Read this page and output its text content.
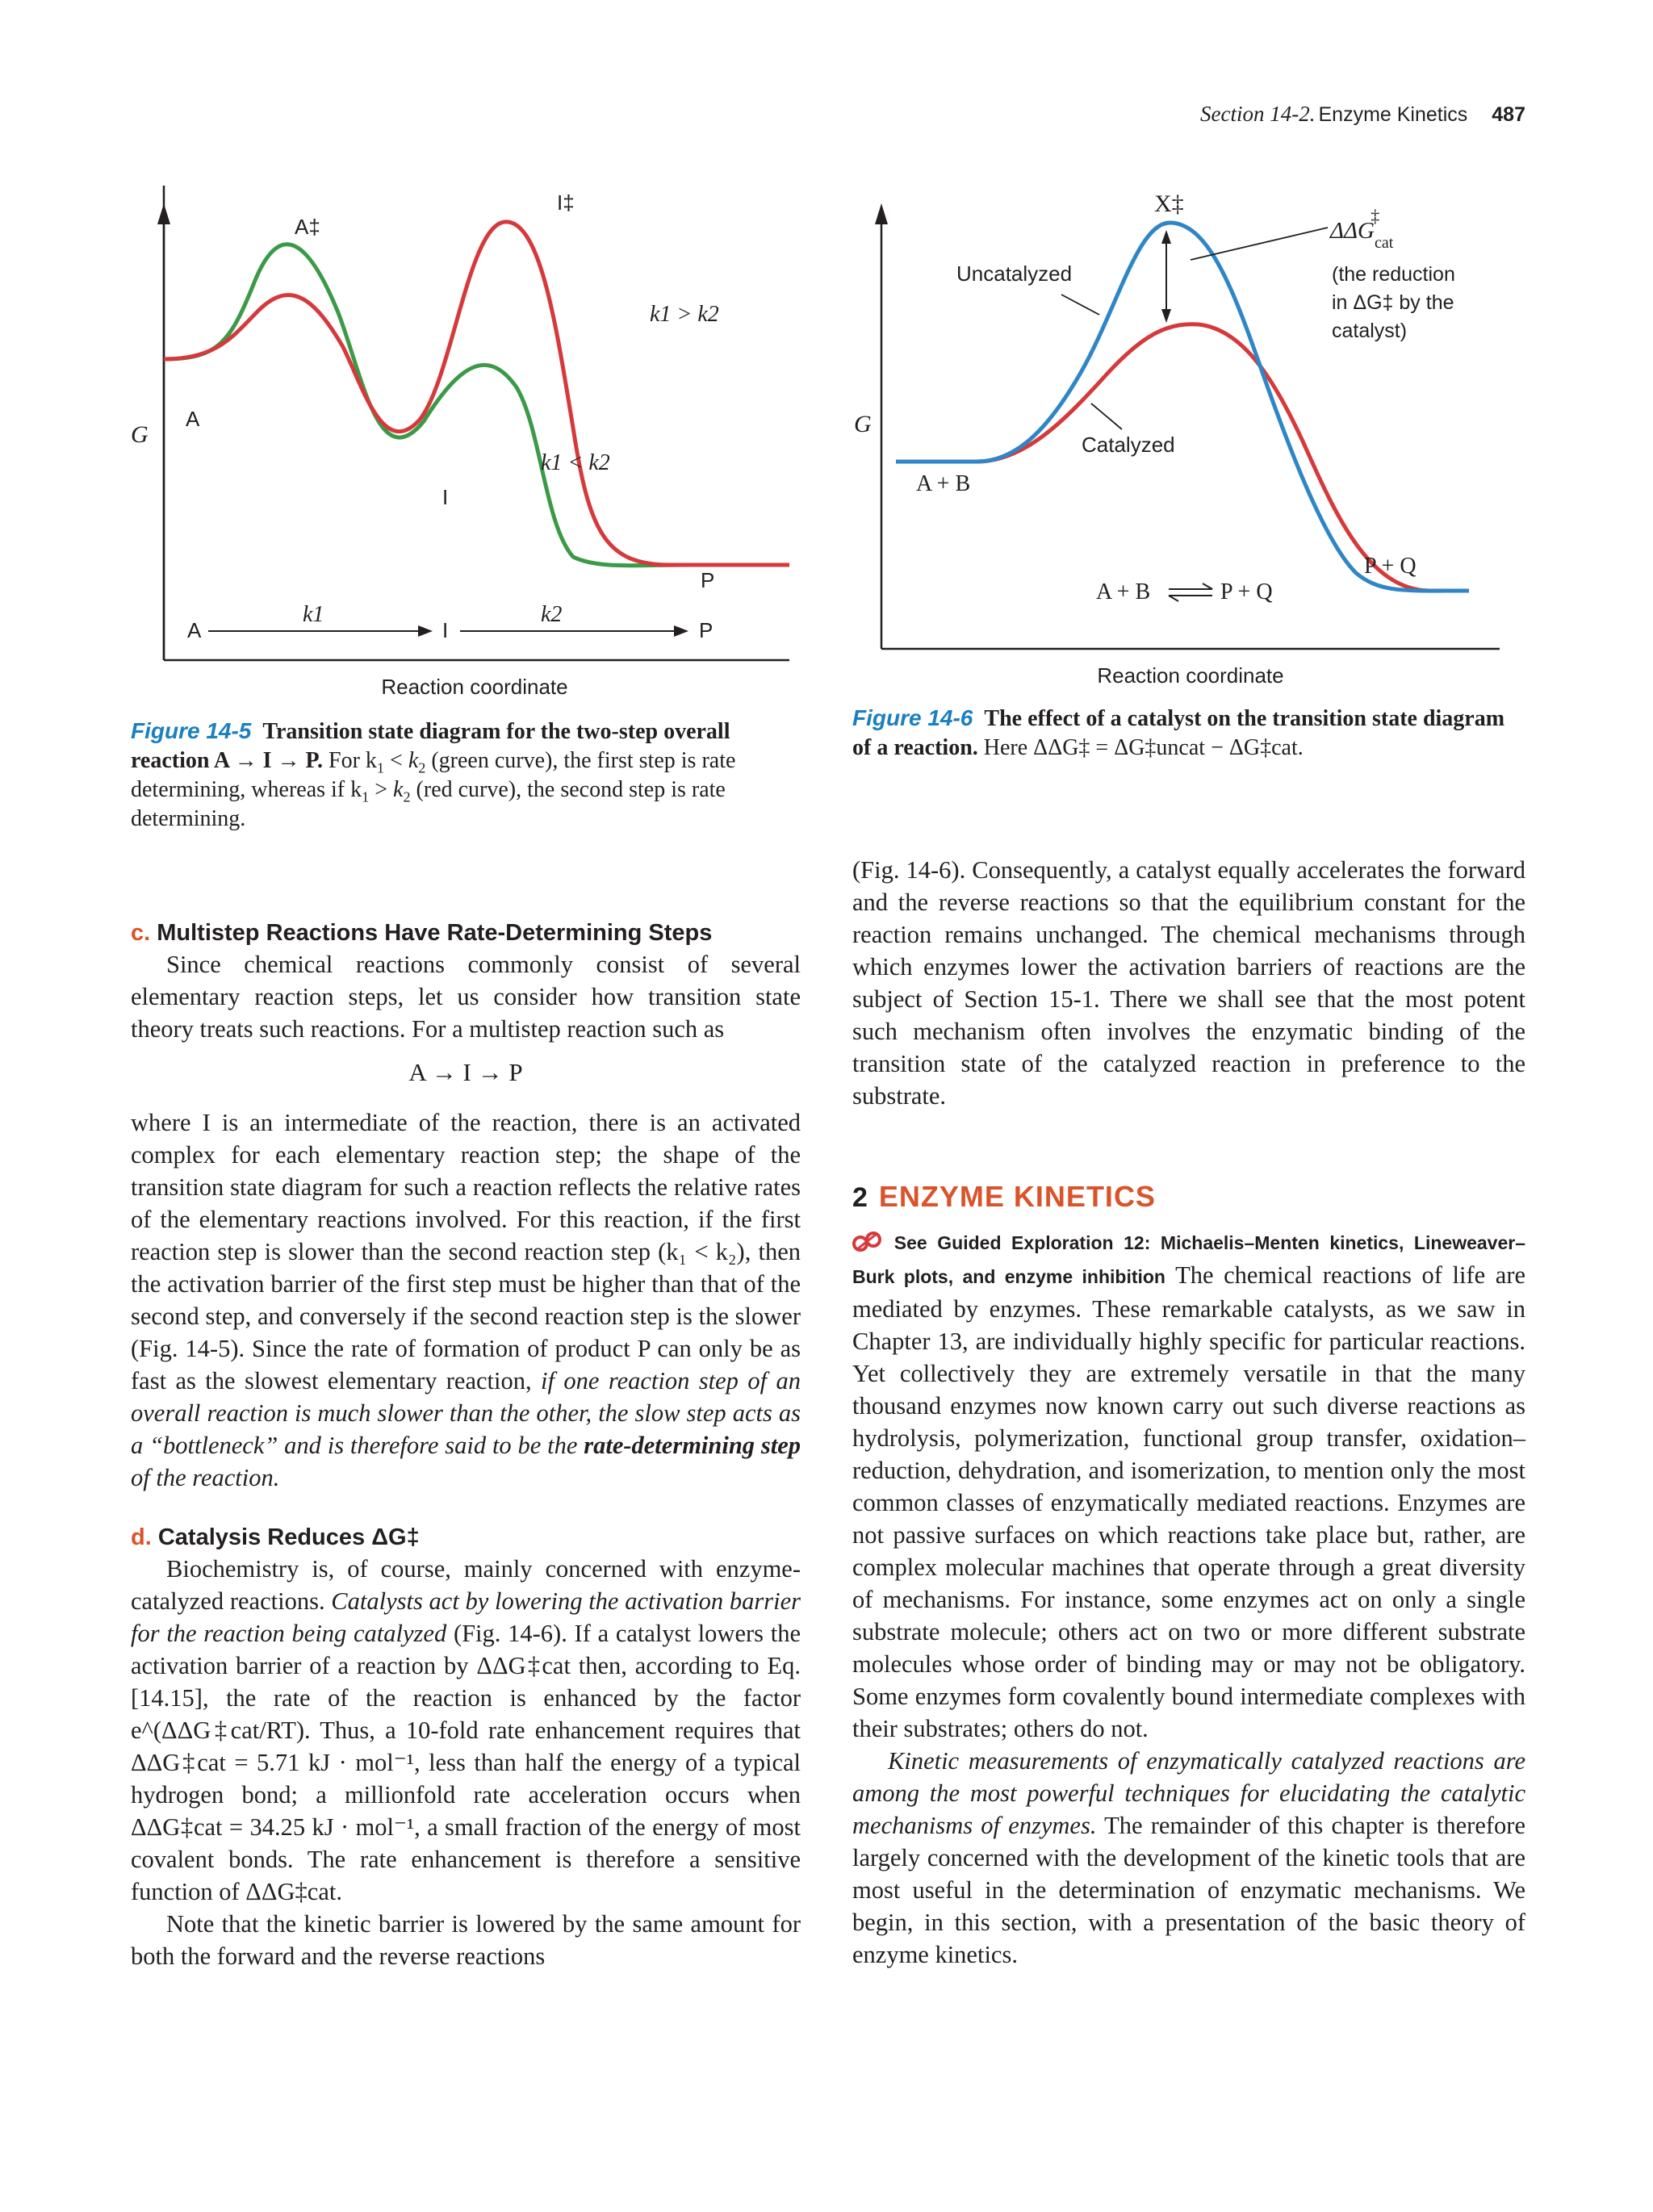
Section 14-2. Enzyme Kinetics 487
G
A‡
I‡
A
I
P
k1 > k2
k1 < k2
A
k1
I
k2
P
Reaction coordinate
G
X‡
Uncatalyzed
Catalyzed
$\Delta\Delta G_{cat}\ddagger$
(the reduction
in ΔG‡ by the
catalyst)
A + B
P + Q
A + B	P + Q
Reaction coordinate
Figure 14-5 Transition state diagram for the two-step overall reaction A → I → P. For $k_1 < k_2$ (green curve), the first step is rate determining, whereas if $k_1 > k_2$ (red curve), the second step is rate determining.
Figure 14-6 The effect of a catalyst on the transition state diagram of a reaction. Here ΔΔG‡ = ΔG‡uncat − ΔG‡cat.
c. Multistep Reactions Have Rate-Determining Steps

Since chemical reactions commonly consist of several elementary reaction steps, let us consider how transition state theory treats such reactions. For a multistep reaction such as

A → I → P

where I is an intermediate of the reaction, there is an activated complex for each elementary reaction step; the shape of the transition state diagram for such a reaction reflects the relative rates of the elementary reactions involved. For this reaction, if the first reaction step is slower than the second reaction step (k₁ < k₂), then the activation barrier of the first step must be higher than that of the second step, and conversely if the second reaction step is the slower (Fig. 14-5). Since the rate of formation of product P can only be as fast as the slowest elementary reaction, if one reaction step of an overall reaction is much slower than the other, the slow step acts as a “bottleneck” and is therefore said to be the rate-determining step of the reaction.

d. Catalysis Reduces ΔG‡

Biochemistry is, of course, mainly concerned with enzyme-catalyzed reactions. Catalysts act by lowering the activation barrier for the reaction being catalyzed (Fig. 14-6). If a catalyst lowers the activation barrier of a reaction by ΔΔG‡cat then, according to Eq. [14.15], the rate of the reaction is enhanced by the factor e^(ΔΔG‡cat/RT). Thus, a 10-fold rate enhancement requires that ΔΔG‡cat = 5.71 kJ · mol⁻¹, less than half the energy of a typical hydrogen bond; a millionfold rate acceleration occurs when ΔΔG‡cat = 34.25 kJ · mol⁻¹, a small fraction of the energy of most covalent bonds. The rate enhancement is therefore a sensitive function of ΔΔG‡cat.

Note that the kinetic barrier is lowered by the same amount for both the forward and the reverse reactions

(Fig. 14-6). Consequently, a catalyst equally accelerates the forward and the reverse reactions so that the equilibrium constant for the reaction remains unchanged. The chemical mechanisms through which enzymes lower the activation barriers of reactions are the subject of Section 15-1. There we shall see that the most potent such mechanism often involves the enzymatic binding of the transition state of the catalyzed reaction in preference to the substrate.

2 ENZYME KINETICS

See Guided Exploration 12: Michaelis–Menten kinetics, Lineweaver–Burk plots, and enzyme inhibition The chemical reactions of life are mediated by enzymes. These remarkable catalysts, as we saw in Chapter 13, are individually highly specific for particular reactions. Yet collectively they are extremely versatile in that the many thousand enzymes now known carry out such diverse reactions as hydrolysis, polymerization, functional group transfer, oxidation–reduction, dehydration, and isomerization, to mention only the most common classes of enzymatically mediated reactions. Enzymes are not passive surfaces on which reactions take place but, rather, are complex molecular machines that operate through a great diversity of mechanisms. For instance, some enzymes act on only a single substrate molecule; others act on two or more different substrate molecules whose order of binding may or may not be obligatory. Some enzymes form covalently bound intermediate complexes with their substrates; others do not.

Kinetic measurements of enzymatically catalyzed reactions are among the most powerful techniques for elucidating the catalytic mechanisms of enzymes. The remainder of this chapter is therefore largely concerned with the development of the kinetic tools that are most useful in the determination of enzymatic mechanisms. We begin, in this section, with a presentation of the basic theory of enzyme kinetics.
